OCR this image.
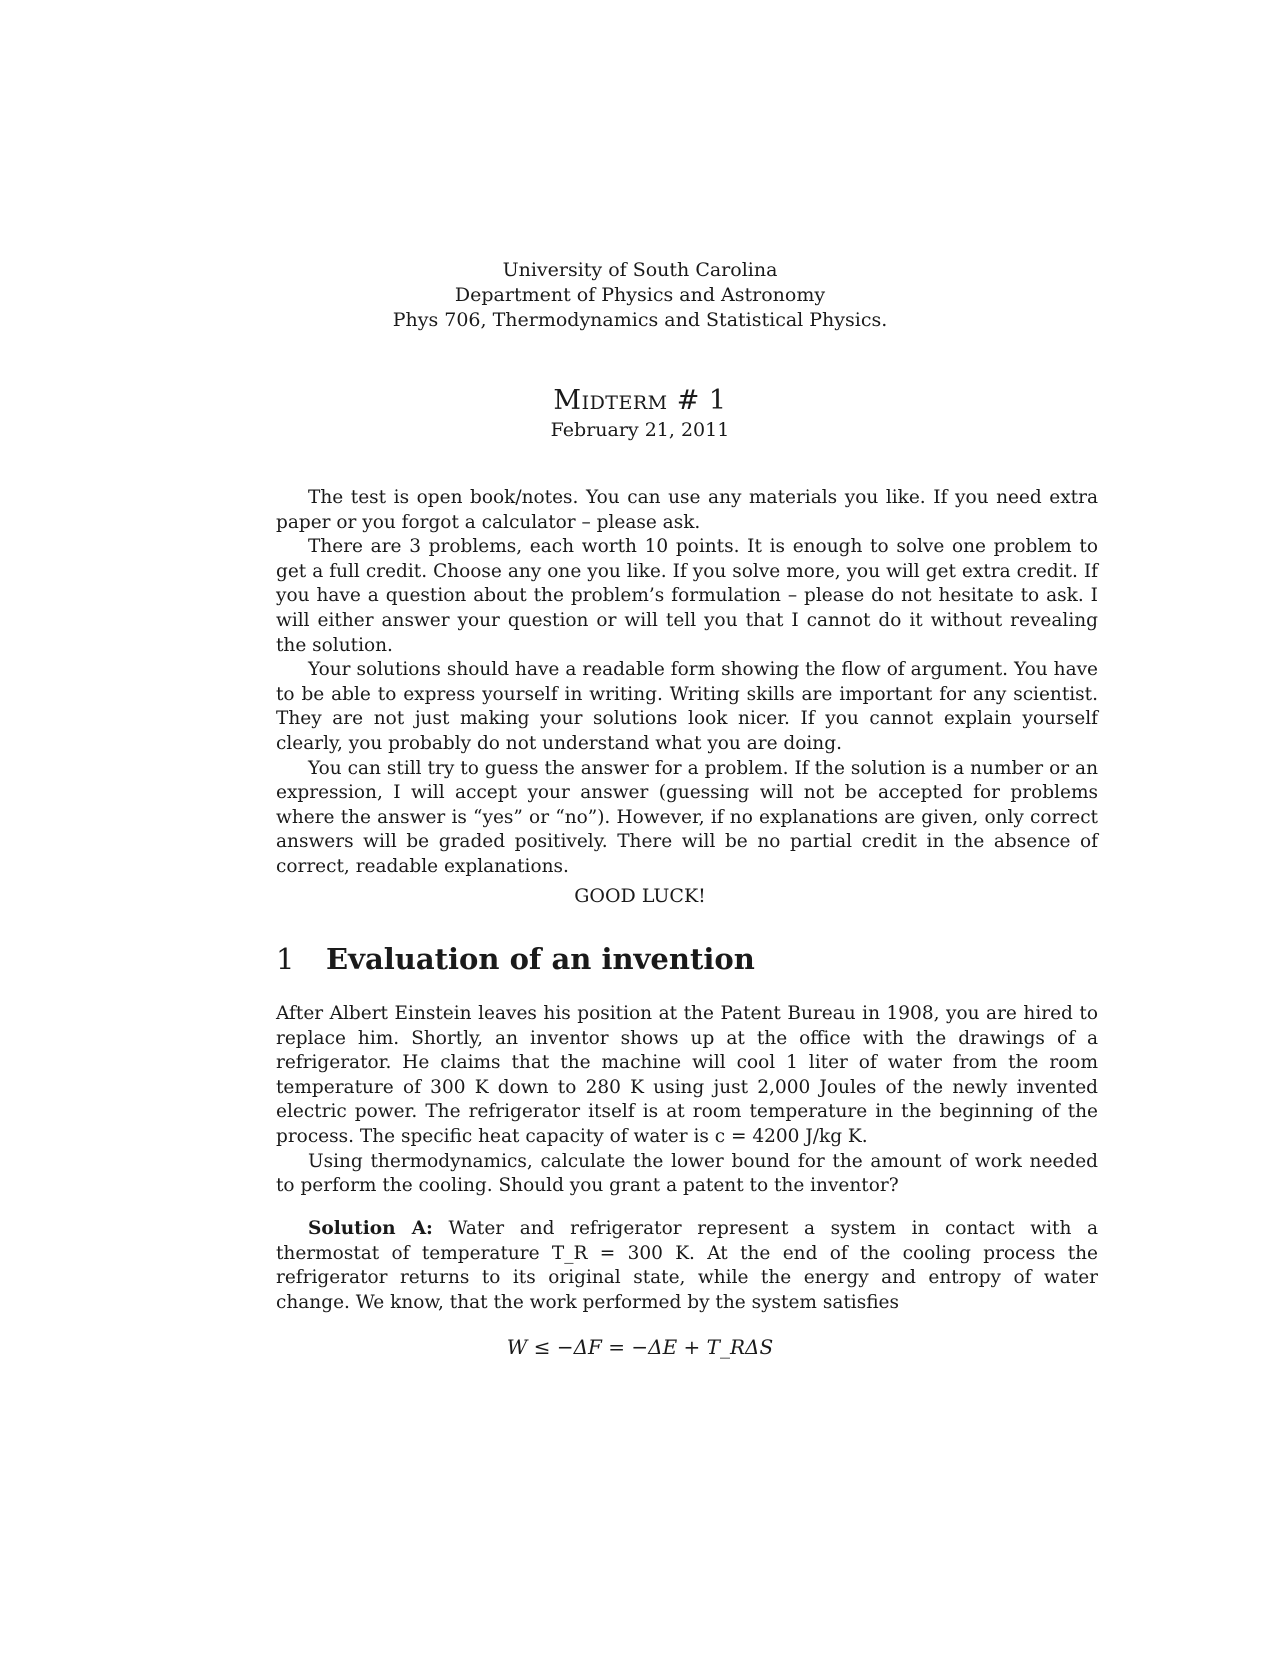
University of South Carolina
Department of Physics and Astronomy
Phys 706, Thermodynamics and Statistical Physics.
Midterm # 1
February 21, 2011

The test is open book/notes. You can use any materials you like. If you need extra paper or you forgot a calculator – please ask.

There are 3 problems, each worth 10 points. It is enough to solve one problem to get a full credit. Choose any one you like. If you solve more, you will get extra credit. If you have a question about the problem’s formulation – please do not hesitate to ask. I will either answer your question or will tell you that I cannot do it without revealing the solution.

Your solutions should have a readable form showing the flow of argument. You have to be able to express yourself in writing. Writing skills are important for any scientist. They are not just making your solutions look nicer. If you cannot explain yourself clearly, you probably do not understand what you are doing.

You can still try to guess the answer for a problem. If the solution is a number or an expression, I will accept your answer (guessing will not be accepted for problems where the answer is “yes” or “no”). However, if no explanations are given, only correct answers will be graded positively. There will be no partial credit in the absence of correct, readable explanations.

GOOD LUCK!
1 Evaluation of an invention

After Albert Einstein leaves his position at the Patent Bureau in 1908, you are hired to replace him. Shortly, an inventor shows up at the office with the drawings of a refrigerator. He claims that the machine will cool 1 liter of water from the room temperature of 300 K down to 280 K using just 2,000 Joules of the newly invented electric power. The refrigerator itself is at room temperature in the beginning of the process. The specific heat capacity of water is c = 4200 J/kg K.

Using thermodynamics, calculate the lower bound for the amount of work needed to perform the cooling. Should you grant a patent to the inventor?

Solution A: Water and refrigerator represent a system in contact with a thermostat of temperature T_R = 300 K. At the end of the cooling process the refrigerator returns to its original state, while the energy and entropy of water change. We know, that the work performed by the system satisfies

W ≤ −ΔF = −ΔE + T_RΔS
